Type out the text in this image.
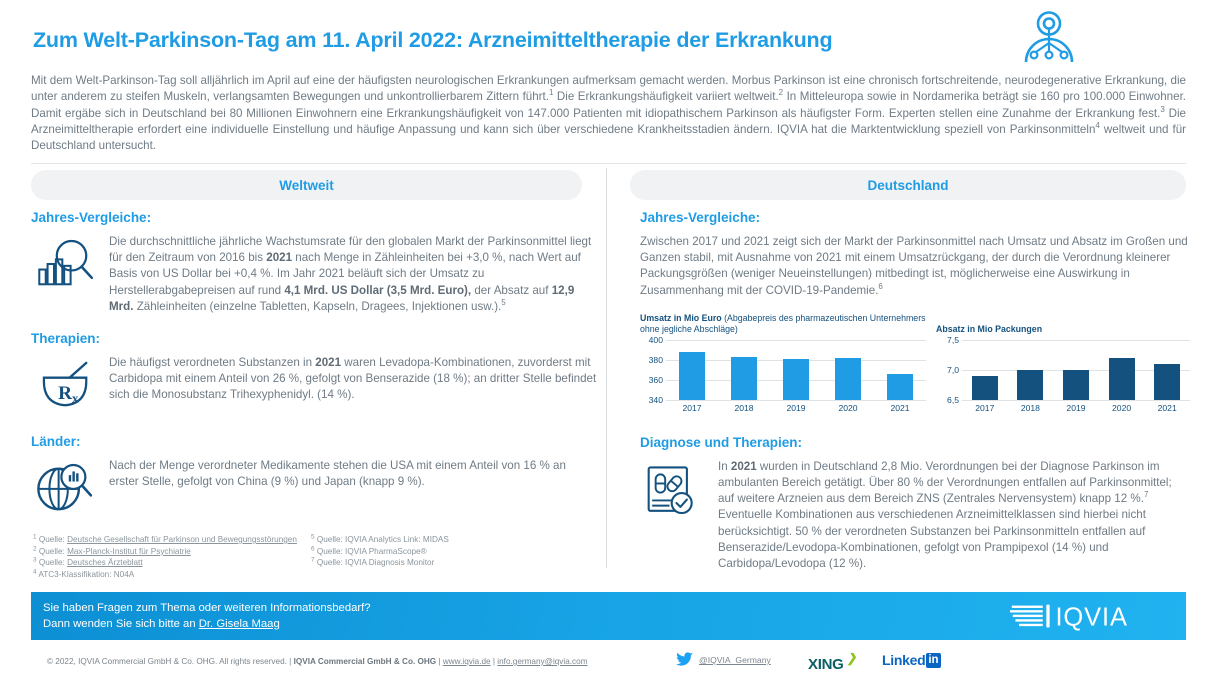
Zum Welt-Parkinson-Tag am 11. April 2022: Arzneimitteltherapie der Erkrankung
Mit dem Welt-Parkinson-Tag soll alljährlich im April auf eine der häufigsten neurologischen Erkrankungen aufmerksam gemacht werden. Morbus Parkinson ist eine chronisch fortschreitende, neurodegenerative Erkrankung, die unter anderem zu steifen Muskeln, verlangsamten Bewegungen und unkontrollierbarem Zittern führt.$^1$ Die Erkrankungshäufigkeit variiert weltweit.$^2$ In Mitteleuropa sowie in Nordamerika beträgt sie 160 pro 100.000 Einwohner. Damit ergäbe sich in Deutschland bei 80 Millionen Einwohnern eine Erkrankungshäufigkeit von 147.000 Patienten mit idiopathischem Parkinson als häufigster Form. Experten stellen eine Zunahme der Erkrankung fest.$^3$ Die Arzneimitteltherapie erfordert eine individuelle Einstellung und häufige Anpassung und kann sich über verschiedene Krankheitsstadien ändern. IQVIA hat die Marktentwicklung speziell von Parkinsonmitteln$^4$ weltweit und für Deutschland untersucht.
Weltweit	Deutschland
Jahres-Vergleiche:
Die durchschnittliche jährliche Wachstumsrate für den globalen Markt der Parkinsonmittel liegt für den Zeitraum von 2016 bis 2021 nach Menge in Zähleinheiten bei +3,0 %, nach Wert auf Basis von US Dollar bei +0,4 %. Im Jahr 2021 beläuft sich der Umsatz zu Herstellerabgabepreisen auf rund 4,1 Mrd. US Dollar (3,5 Mrd. Euro), der Absatz auf 12,9 Mrd. Zähleinheiten (einzelne Tabletten, Kapseln, Dragees, Injektionen usw.).$^5$
Therapien:
R x
Die häufigst verordneten Substanzen in 2021 waren Levadopa-Kombinationen, zuvorderst mit Carbidopa mit einem Anteil von 26 %, gefolgt von Benserazide (18 %); an dritter Stelle befindet sich die Monosubstanz Trihexyphenidyl. (14 %).
Länder:
Nach der Menge verordneter Medikamente stehen die USA mit einem Anteil von 16 % an erster Stelle, gefolgt von China (9 %) und Japan (knapp 9 %).
Jahres-Vergleiche:
Zwischen 2017 und 2021 zeigt sich der Markt der Parkinsonmittel nach Umsatz und Absatz im Großen und Ganzen stabil, mit Ausnahme von 2021 mit einem Umsatzrückgang, der durch die Verordnung kleinerer Packungsgrößen (weniger Neueinstellungen) mitbedingt ist, möglicherweise eine Auswirkung in Zusammenhang mit der COVID-19-Pandemie.$^6$
Umsatz in Mio Euro (Abgabepreis des pharmazeutischen Unternehmers ohne jegliche Abschläge)
400
380
360
340
2017	2018	2019	2020	2021
Absatz in Mio Packungen
7,5
7,0
6,5
2017	2018	2019	2020	2021
Diagnose und Therapien:
In 2021 wurden in Deutschland 2,8 Mio. Verordnungen bei der Diagnose Parkinson im ambulanten Bereich getätigt. Über 80 % der Verordnungen entfallen auf Parkinsonmittel; auf weitere Arzneien aus dem Bereich ZNS (Zentrales Nervensystem) knapp 12 %.$^7$ Eventuelle Kombinationen aus verschiedenen Arzneimittelklassen sind hierbei nicht berücksichtigt. 50 % der verordneten Substanzen bei Parkinsonmitteln entfallen auf Benserazide/Levodopa-Kombinationen, gefolgt von Prampipexol (14 %) und Carbidopa/Levodopa (12 %).
$^1$ Quelle: Deutsche Gesellschaft für Parkinson und Bewegungsstörungen
$^2$ Quelle: Max-Planck-Institut für Psychiatrie
$^3$ Quelle: Deutsches Ärzteblatt
$^4$ ATC3-Klassifikation: N04A
$^5$ Quelle: IQVIA Analytics Link: MIDAS
$^6$ Quelle: IQVIA PharmaScope®
$^7$ Quelle: IQVIA Diagnosis Monitor
Sie haben Fragen zum Thema oder weiteren Informationsbedarf?
Dann wenden Sie sich bitte an Dr. Gisela Maag	IQVIA
© 2022, IQVIA Commercial GmbH & Co. OHG. All rights reserved. | IQVIA Commercial GmbH & Co. OHG | www.iqvia.de | info.germany@iqvia.com	@IQVIA_Germany XING	Linked in
